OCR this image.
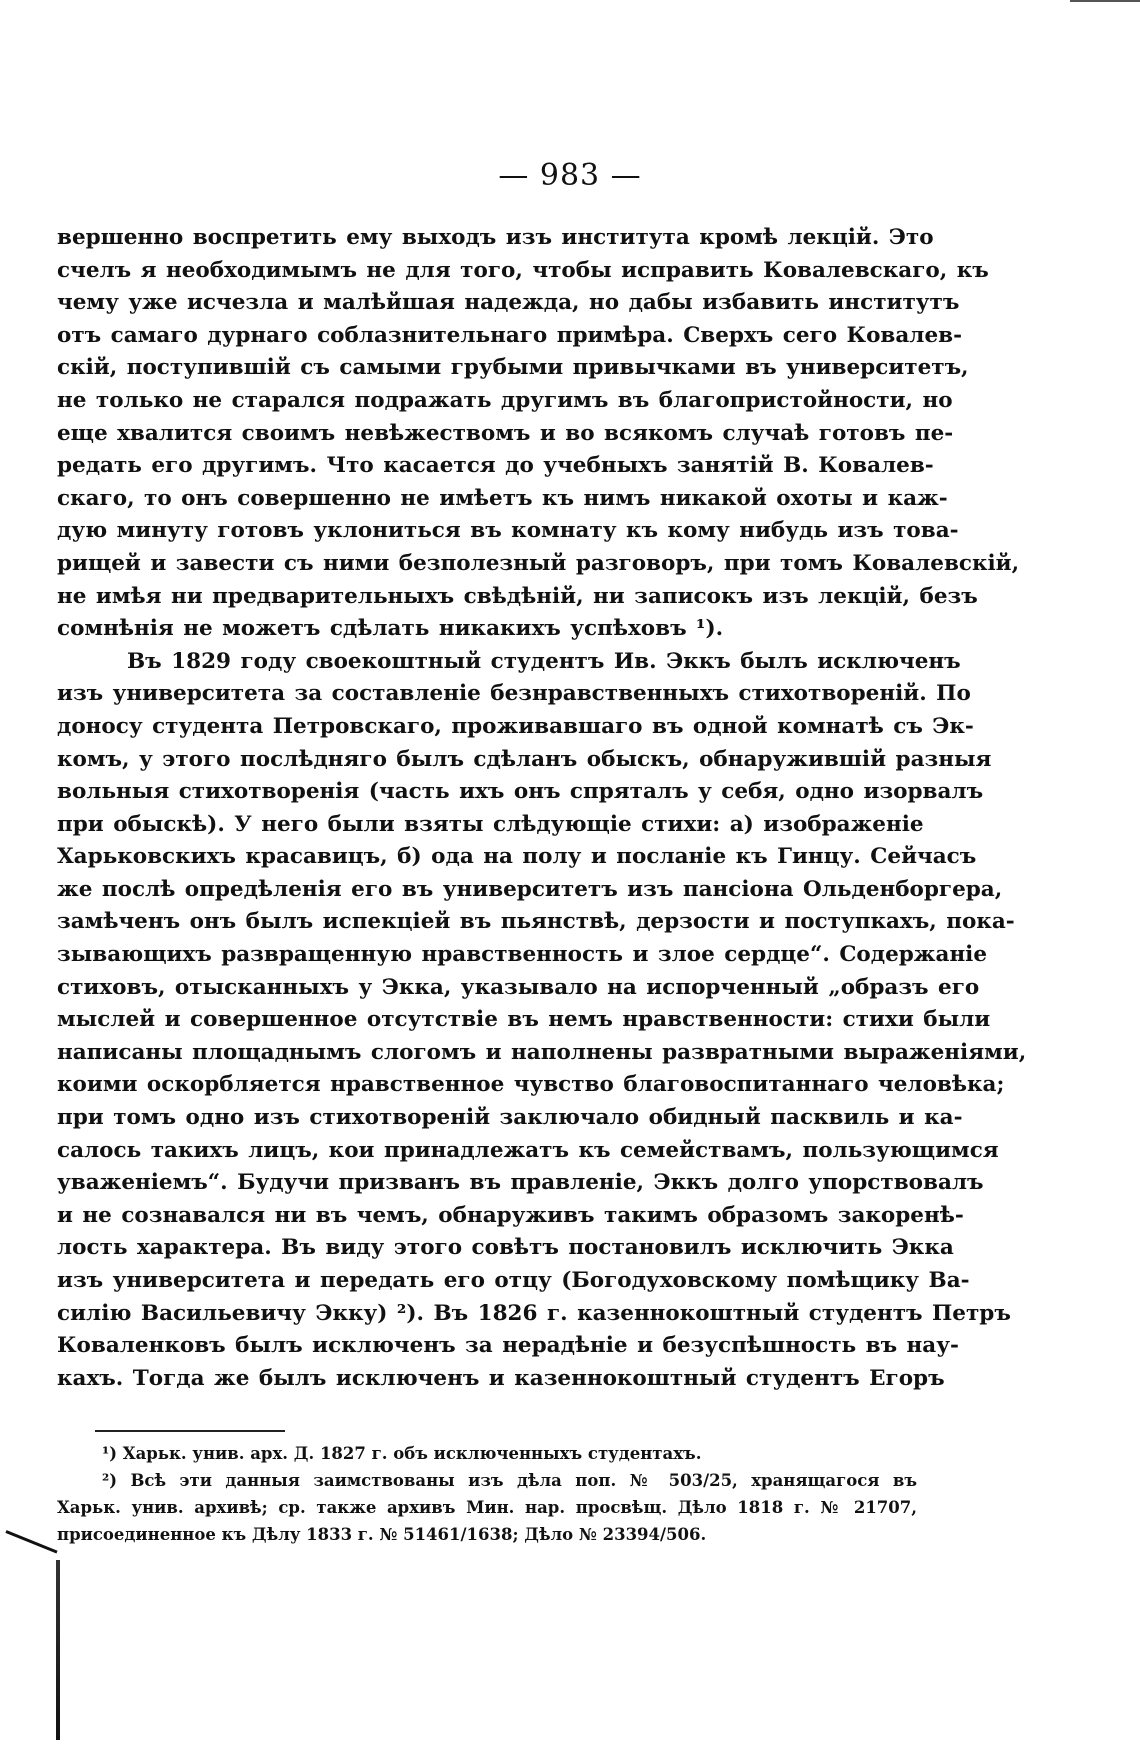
— 983 —
вершенно воспретить ему выходъ изъ института кромѣ лекцій. Это
счелъ я необходимымъ не для того, чтобы исправить Ковалевскаго, къ
чему уже исчезла и малѣйшая надежда, но дабы избавить институтъ
отъ самаго дурнаго соблазнительнаго примѣра. Сверхъ сего Ковалев-
скій, поступившій съ самыми грубыми привычками въ университетъ,
не только не старался подражать другимъ въ благопристойности, но
еще хвалится своимъ невѣжествомъ и во всякомъ случаѣ готовъ пе-
редать его другимъ. Что касается до учебныхъ занятій В. Ковалев-
скаго, то онъ совершенно не имѣетъ къ нимъ никакой охоты и каж-
дую минуту готовъ уклониться въ комнату къ кому нибудь изъ това-
рищей и завести съ ними безполезный разговоръ, при томъ Ковалевскій,
не имѣя ни предварительныхъ свѣдѣній, ни записокъ изъ лекцій, безъ
сомнѣнія не можетъ сдѣлать никакихъ успѣховъ ¹).
Въ 1829 году своекоштный студентъ Ив. Эккъ былъ исключенъ
изъ университета за составленіе безнравственныхъ стихотвореній. По
доносу студента Петровскаго, проживавшаго въ одной комнатѣ съ Эк-
комъ, у этого послѣдняго былъ сдѣланъ обыскъ, обнаружившій разныя
вольныя стихотворенія (часть ихъ онъ спряталъ у себя, одно изорвалъ
при обыскѣ). У него были взяты слѣдующіе стихи: а) изображеніе
Харьковскихъ красавицъ, б) ода на полу и посланіе къ Гинцу. Сейчасъ
же послѣ опредѣленія его въ университетъ изъ пансіона Ольденборгера,
замѣченъ онъ былъ испекціей въ пьянствѣ, дерзости и поступкахъ, пока-
зывающихъ развращенную нравственность и злое сердце“. Содержаніе
стиховъ, отысканныхъ у Экка, указывало на испорченный „образъ его
мыслей и совершенное отсутствіе въ немъ нравственности: стихи были
написаны площаднымъ слогомъ и наполнены развратными выраженіями,
коими оскорбляется нравственное чувство благовоспитаннаго человѣка;
при томъ одно изъ стихотвореній заключало обидный пасквиль и ка-
салось такихъ лицъ, кои принадлежатъ къ семействамъ, пользующимся
уваженіемъ“. Будучи призванъ въ правленіе, Эккъ долго упорствовалъ
и не сознавался ни въ чемъ, обнаруживъ такимъ образомъ закоренѣ-
лость характера. Въ виду этого совѣтъ постановилъ исключить Экка
изъ университета и передать его отцу (Богодуховскому помѣщику Ва-
силію Васильевичу Экку) ²). Въ 1826 г. казеннокоштный студентъ Петръ
Коваленковъ былъ исключенъ за нерадѣніе и безуспѣшность въ нау-
кахъ. Тогда же былъ исключенъ и казеннокоштный студентъ Егоръ
¹) Харьк. унив. арх. Д. 1827 г. объ исключенныхъ студентахъ.
²) Всѣ эти данныя заимствованы изъ дѣла поп. № 503/25, хранящагося въ
Харьк. унив. архивѣ; ср. также архивъ Мин. нар. просвѣщ. Дѣло 1818 г. № 21707,
присоединенное къ Дѣлу 1833 г. № 51461/1638; Дѣло № 23394/506.
